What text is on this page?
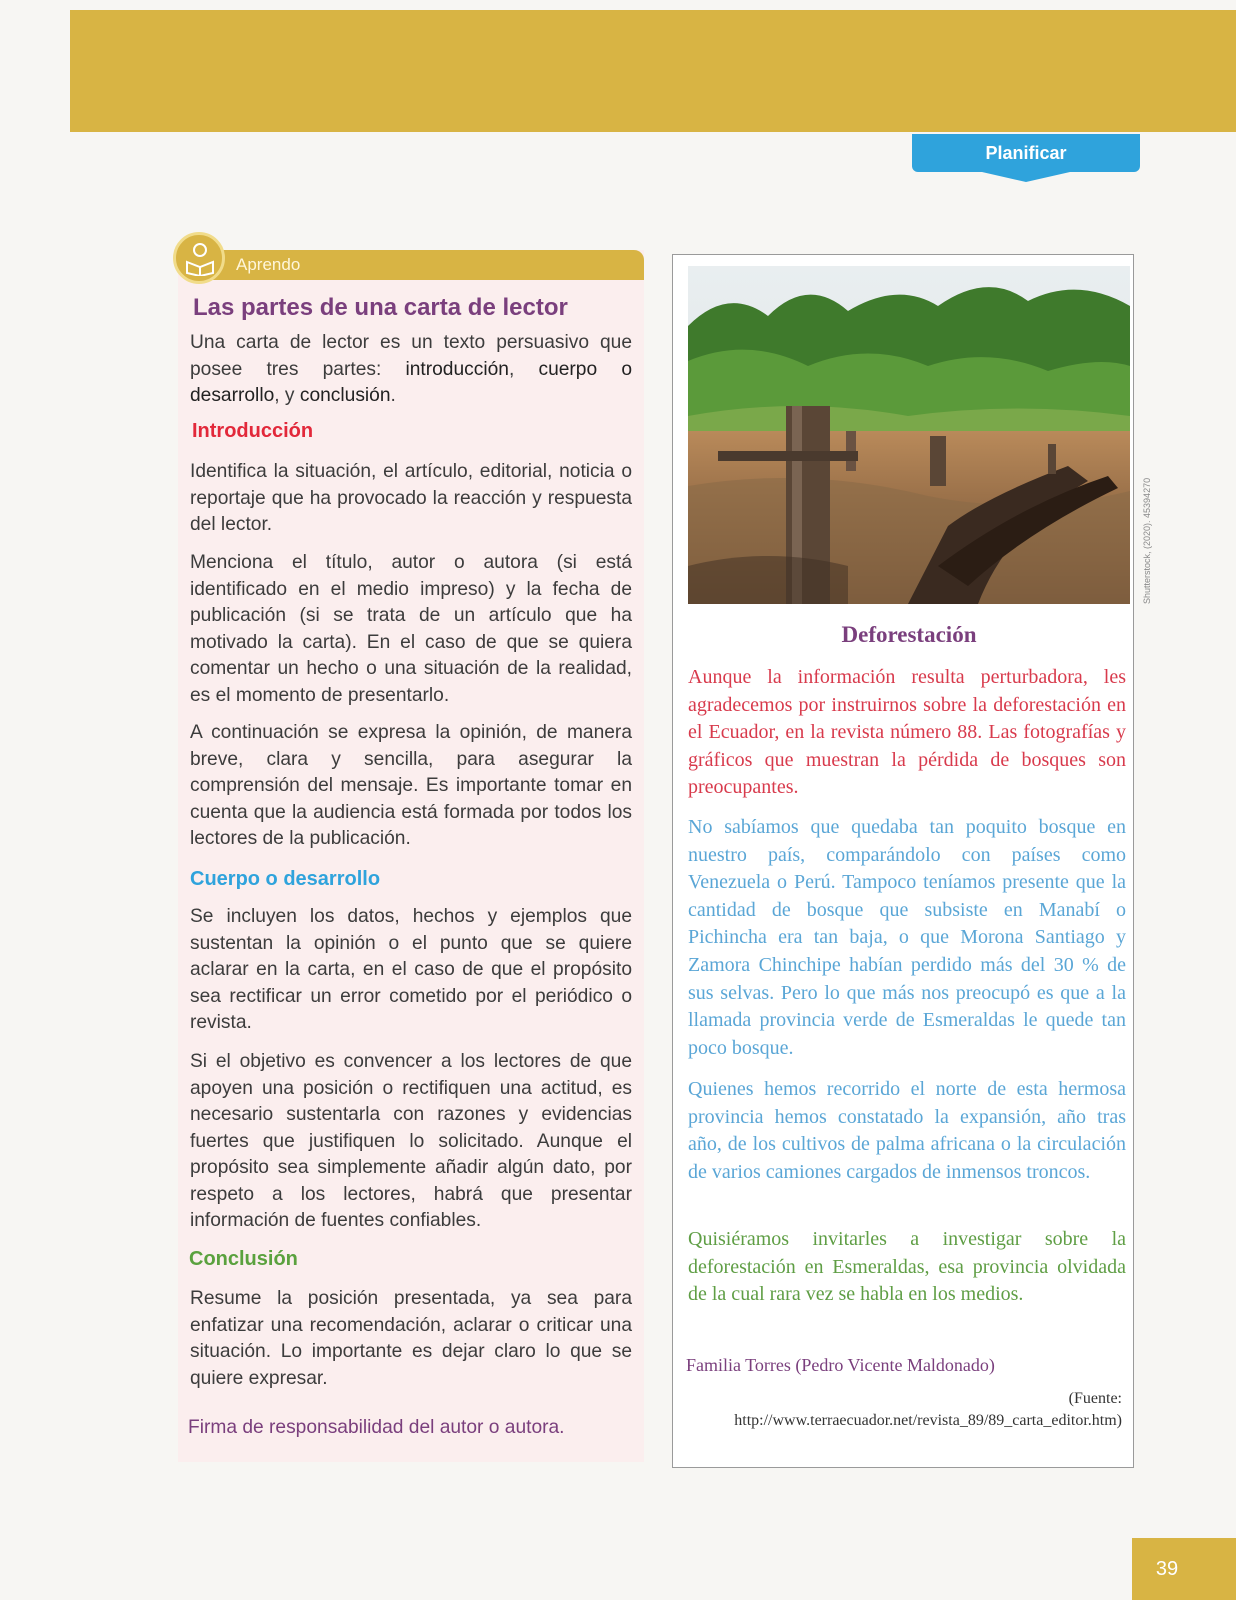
Planificar
Aprendo
Las partes de una carta de lector

Una carta de lector es un texto persuasivo que posee tres partes: introducción, cuerpo o desarrollo, y conclusión.

Introducción

Identifica la situación, el artículo, editorial, noticia o reportaje que ha provocado la reacción y respuesta del lector.

Menciona el título, autor o autora (si está identificado en el medio impreso) y la fecha de publicación (si se trata de un artículo que ha motivado la carta). En el caso de que se quiera comentar un hecho o una situación de la realidad, es el momento de presentarlo.

A continuación se expresa la opinión, de manera breve, clara y sencilla, para asegurar la comprensión del mensaje. Es importante tomar en cuenta que la audiencia está formada por todos los lectores de la publicación.

Cuerpo o desarrollo

Se incluyen los datos, hechos y ejemplos que sustentan la opinión o el punto que se quiere aclarar en la carta, en el caso de que el propósito sea rectificar un error cometido por el periódico o revista.

Si el objetivo es convencer a los lectores de que apoyen una posición o rectifiquen una actitud, es necesario sustentarla con razones y evidencias fuertes que justifiquen lo solicitado. Aunque el propósito sea simplemente añadir algún dato, por respeto a los lectores, habrá que presentar información de fuentes confiables.

Conclusión

Resume la posición presentada, ya sea para enfatizar una recomendación, aclarar o criticar una situación. Lo importante es dejar claro lo que se quiere expresar.

Firma de responsabilidad del autor o autora.
Shutterstock, (2020). 45394270
Deforestación

Aunque la información resulta perturbadora, les agradecemos por instruirnos sobre la deforestación en el Ecuador, en la revista número 88. Las fotografías y gráficos que muestran la pérdida de bosques son preocupantes.

No sabíamos que quedaba tan poquito bosque en nuestro país, comparándolo con países como Venezuela o Perú. Tampoco teníamos presente que la cantidad de bosque que subsiste en Manabí o Pichincha era tan baja, o que Morona Santiago y Zamora Chinchipe habían perdido más del 30 % de sus selvas. Pero lo que más nos preocupó es que a la llamada provincia verde de Esmeraldas le quede tan poco bosque.

Quienes hemos recorrido el norte de esta hermosa provincia hemos constatado la expansión, año tras año, de los cultivos de palma africana o la circulación de varios camiones cargados de inmensos troncos.

Quisiéramos invitarles a investigar sobre la deforestación en Esmeraldas, esa provincia olvidada de la cual rara vez se habla en los medios.

Familia Torres (Pedro Vicente Maldonado)
(Fuente: http://www.terraecuador.net/revista_89/89_carta_editor.htm)
39
